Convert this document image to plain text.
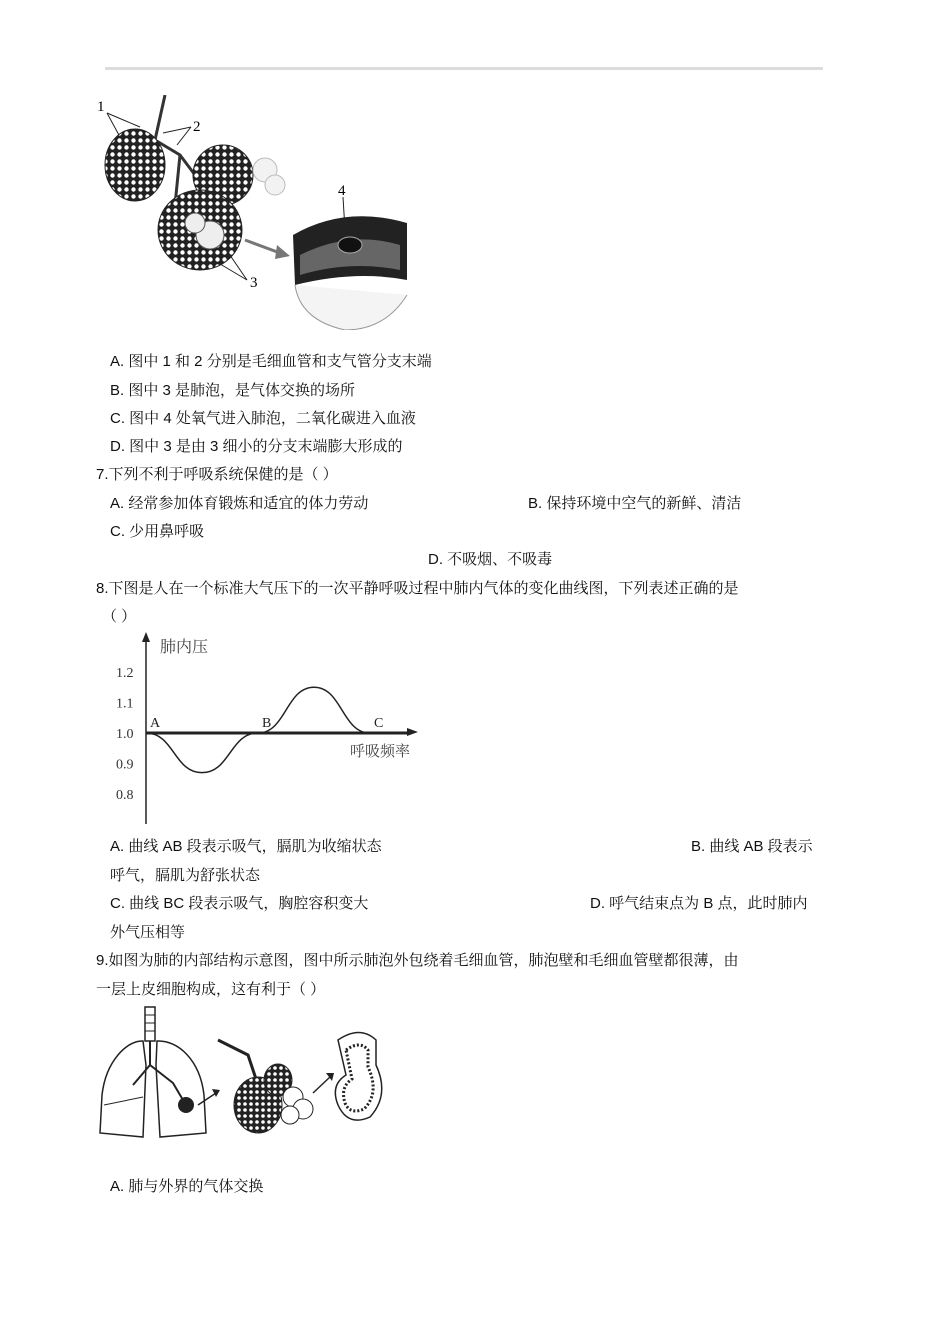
1
2
3
4
A. 图中 1 和 2 分别是毛细血管和支气管分支末端
B. 图中 3 是肺泡，是气体交换的场所
C. 图中 4 处氧气进入肺泡，二氧化碳进入血液
D. 图中 3 是由 3 细小的分支末端膨大形成的
7.下列不利于呼吸系统保健的是（ ）
A. 经常参加体育锻炼和适宜的体力劳动	B. 保持环境中空气的新鲜、清洁
C. 少用鼻呼吸
D. 不吸烟、不吸毒
8.下图是人在一个标准大气压下的一次平静呼吸过程中肺内气体的变化曲线图，下列表述正确的是
（ ）
肺内压
呼吸频率
1.2
1.1
1.0
0.9
0.8
A	B	C
A. 曲线 AB 段表示吸气，膈肌为收缩状态	B. 曲线 AB 段表示
呼气，膈肌为舒张状态
C. 曲线 BC 段表示吸气，胸腔容积变大	D. 呼气结束点为 B 点，此时肺内
外气压相等
9.如图为肺的内部结构示意图，图中所示肺泡外包绕着毛细血管，肺泡壁和毛细血管壁都很薄，由
一层上皮细胞构成，这有利于（ ）
A. 肺与外界的气体交换
